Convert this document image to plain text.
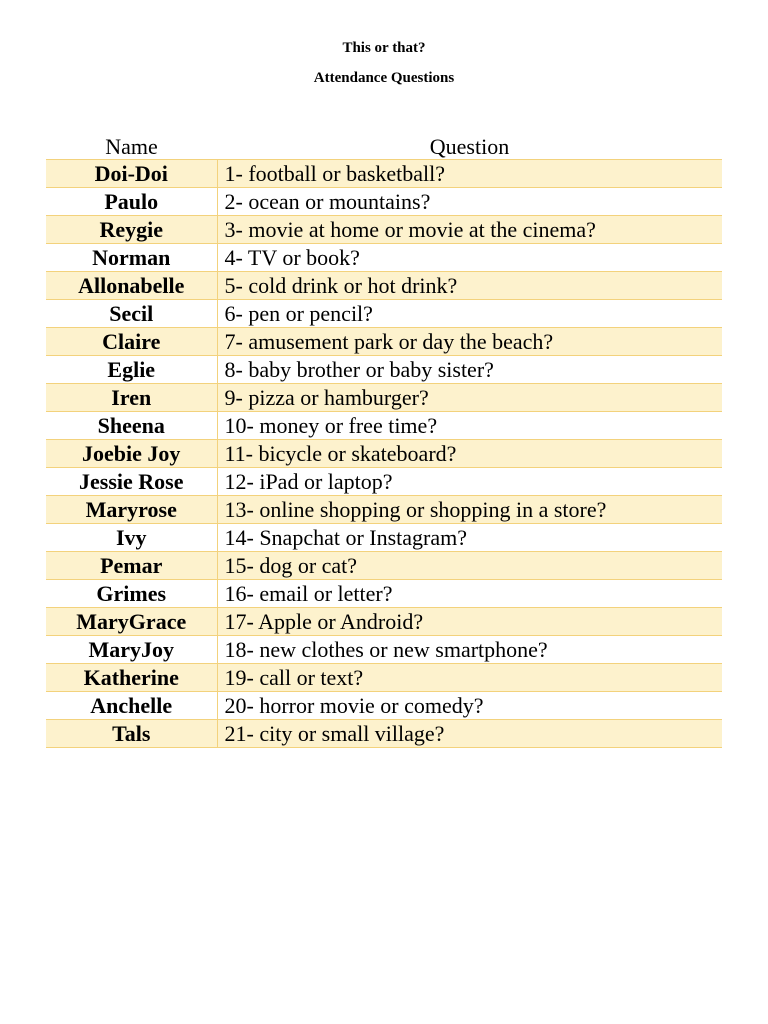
This or that?
Attendance Questions
Name	Question
Doi-Doi	1- football or basketball?
Paulo	2- ocean or mountains?
Reygie	3- movie at home or movie at the cinema?
Norman	4- TV or book?
Allonabelle	5- cold drink or hot drink?
Secil	6- pen or pencil?
Claire	7- amusement park or day the beach?
Eglie	8- baby brother or baby sister?
Iren	9- pizza or hamburger?
Sheena	10- money or free time?
Joebie Joy	11- bicycle or skateboard?
Jessie Rose	12- iPad or laptop?
Maryrose	13- online shopping or shopping in a store?
Ivy	14- Snapchat or Instagram?
Pemar	15- dog or cat?
Grimes	16- email or letter?
MaryGrace	17- Apple or Android?
MaryJoy	18- new clothes or new smartphone?
Katherine	19- call or text?
Anchelle	20- horror movie or comedy?
Tals	21- city or small village?
